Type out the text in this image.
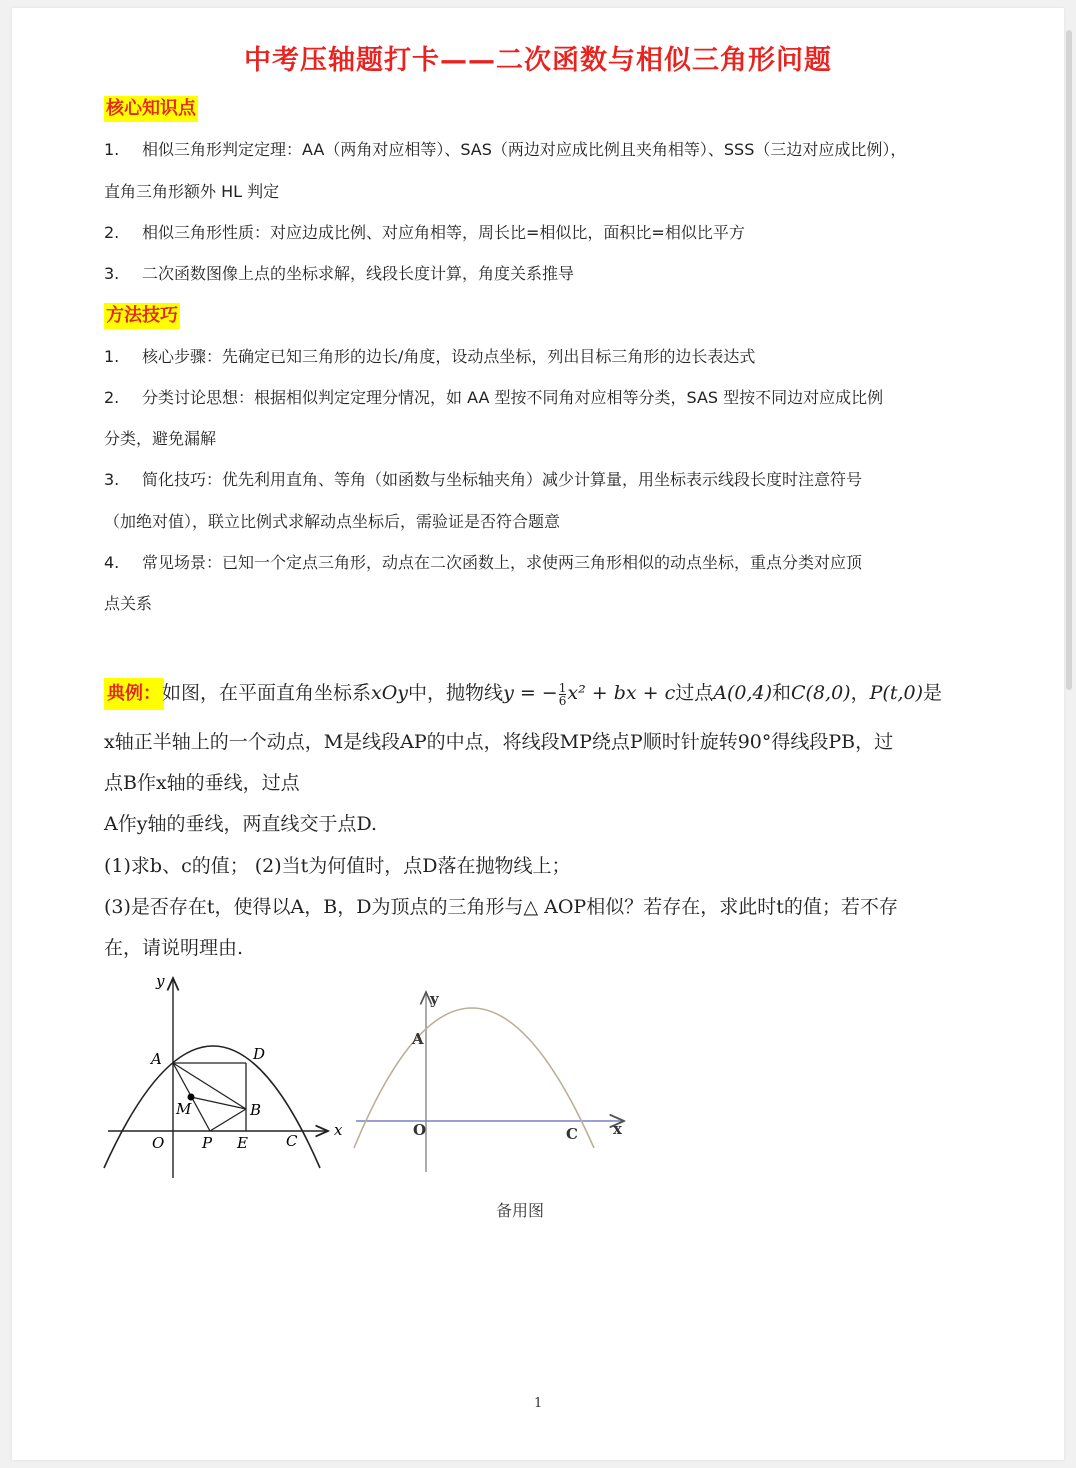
中考压轴题打卡——二次函数与相似三角形问题
核心知识点
1. 相似三角形判定定理：AA（两角对应相等）、SAS（两边对应成比例且夹角相等）、SSS（三边对应成比例），
直角三角形额外 HL 判定
2. 相似三角形性质：对应边成比例、对应角相等，周长比=相似比，面积比=相似比平方
3. 二次函数图像上点的坐标求解，线段长度计算，角度关系推导
方法技巧
1. 核心步骤：先确定已知三角形的边长/角度，设动点坐标，列出目标三角形的边长表达式
2. 分类讨论思想：根据相似判定定理分情况，如 AA 型按不同角对应相等分类，SAS 型按不同边对应成比例
分类，避免漏解
3. 简化技巧：优先利用直角、等角（如函数与坐标轴夹角）减少计算量，用坐标表示线段长度时注意符号
（加绝对值），联立比例式求解动点坐标后，需验证是否符合题意
4. 常见场景：已知一个定点三角形，动点在二次函数上，求使两三角形相似的动点坐标，重点分类对应顶
点关系
典例： 如图，在平面直角坐标系xOy中，抛物线y = − $\frac{1}{6} x^2$ + bx + c过点A(0,4)和C(8,0)，P(t,0)是
x轴正半轴上的一个动点，M是线段AP的中点，将线段MP绕点P顺时针旋转90°得线段PB，过
点B作x轴的垂线，过点
A作y轴的垂线，两直线交于点D.
(1)求b、c的值； (2)当t为何值时，点D落在抛物线上；
(3)是否存在t，使得以A，B，D为顶点的三角形与△ AOP相似？若存在，求此时t的值；若不存
在，请说明理由.
y
x
A	D
M	B
O	P E	C
y
x
A
O	C
备用图
1
